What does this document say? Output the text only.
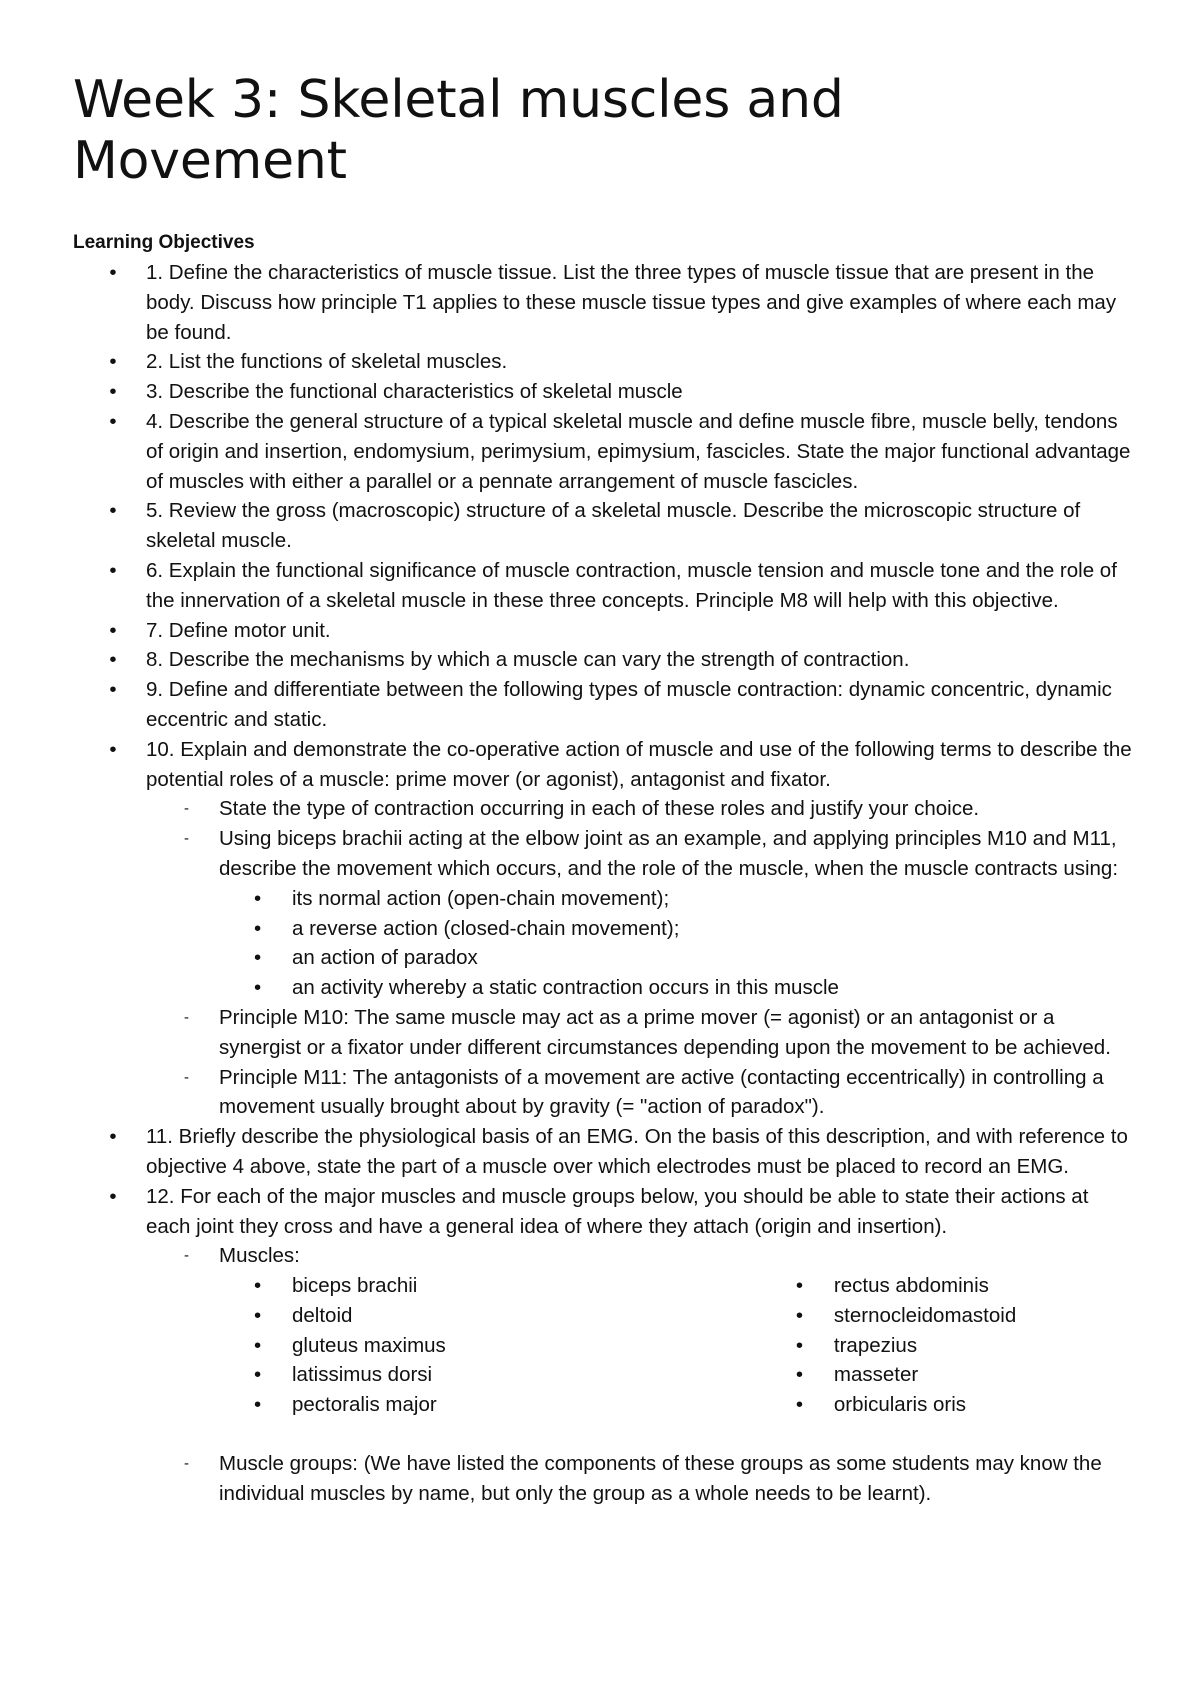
Week 3: Skeletal muscles and
Movement
Learning Objectives
•
1. Define the characteristics of muscle tissue. List the three types of muscle tissue that are present in the body. Discuss how principle T1 applies to these muscle tissue types and give examples of where each may be found.
•
2. List the functions of skeletal muscles.
•
3. Describe the functional characteristics of skeletal muscle
•
4. Describe the general structure of a typical skeletal muscle and define muscle fibre, muscle belly, tendons of origin and insertion, endomysium, perimysium, epimysium, fascicles. State the major functional advantage of muscles with either a parallel or a pennate arrangement of muscle fascicles.
•
5. Review the gross (macroscopic) structure of a skeletal muscle. Describe the microscopic structure of skeletal muscle.
•
6. Explain the functional significance of muscle contraction, muscle tension and muscle tone and the role of the innervation of a skeletal muscle in these three concepts. Principle M8 will help with this objective.
•
7. Define motor unit.
•
8. Describe the mechanisms by which a muscle can vary the strength of contraction.
•
9. Define and differentiate between the following types of muscle contraction: dynamic concentric, dynamic eccentric and static.
•
10. Explain and demonstrate the co-operative action of muscle and use of the following terms to describe the potential roles of a muscle: prime mover (or agonist), antagonist and fixator.
-
State the type of contraction occurring in each of these roles and justify your choice.
-
Using biceps brachii acting at the elbow joint as an example, and applying principles M10 and M11, describe the movement which occurs, and the role of the muscle, when the muscle contracts using:
•
its normal action (open-chain movement);
•
a reverse action (closed-chain movement);
•
an action of paradox
•
an activity whereby a static contraction occurs in this muscle
-
Principle M10: The same muscle may act as a prime mover (= agonist) or an antagonist or a synergist or a fixator under different circumstances depending upon the movement to be achieved.
-
Principle M11: The antagonists of a movement are active (contacting eccentrically) in controlling a movement usually brought about by gravity (= "action of paradox").
•
11. Briefly describe the physiological basis of an EMG. On the basis of this description, and with reference to objective 4 above, state the part of a muscle over which electrodes must be placed to record an EMG.
•
12. For each of the major muscles and muscle groups below, you should be able to state their actions at each joint they cross and have a general idea of where they attach (origin and insertion).
-
Muscles:
•
biceps brachii
•
deltoid
•
gluteus maximus
•
latissimus dorsi
•
pectoralis major
•
rectus abdominis
•
sternocleidomastoid
•
trapezius
•
masseter
•
orbicularis oris
-
Muscle groups: (We have listed the components of these groups as some students may know the individual muscles by name, but only the group as a whole needs to be learnt).
